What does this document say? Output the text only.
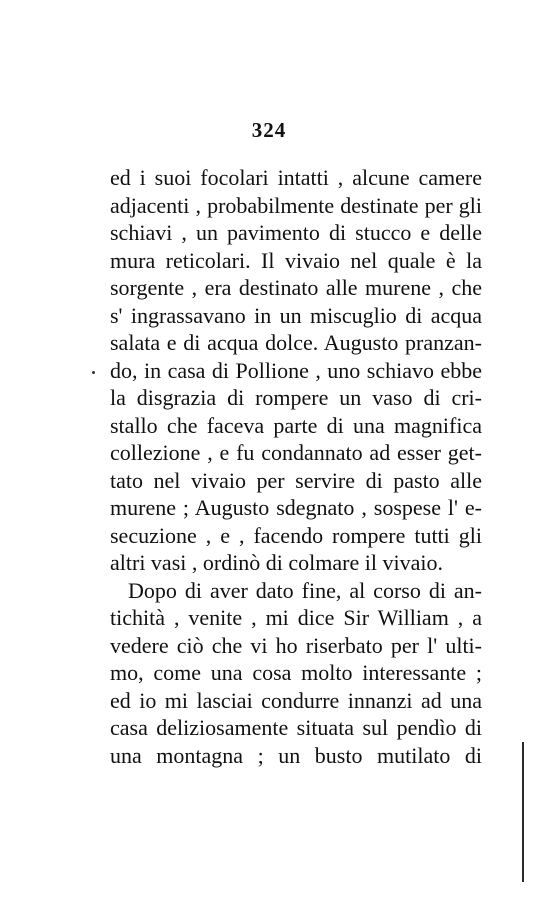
324
ed i suoi focolari intatti , alcune camere
adjacenti , probabilmente destinate per gli
schiavi , un pavimento di stucco e delle
mura reticolari. Il vivaio nel quale è la
sorgente , era destinato alle murene , che
s' ingrassavano in un miscuglio di acqua
salata e di acqua dolce. Augusto pranzan-
do, in casa di Pollione , uno schiavo ebbe
la disgrazia di rompere un vaso di cri-
stallo che faceva parte di una magnifica
collezione , e fu condannato ad esser get-
tato nel vivaio per servire di pasto alle
murene ; Augusto sdegnato , sospese l' e-
secuzione , e , facendo rompere tutti gli
altri vasi , ordinò di colmare il vivaio.
Dopo di aver dato fine, al corso di an-
tichità , venite , mi dice Sir William , a
vedere ciò che vi ho riserbato per l' ulti-
mo, come una cosa molto interessante ;
ed io mi lasciai condurre innanzi ad una
casa deliziosamente situata sul pendìo di
una montagna ; un busto mutilato di
